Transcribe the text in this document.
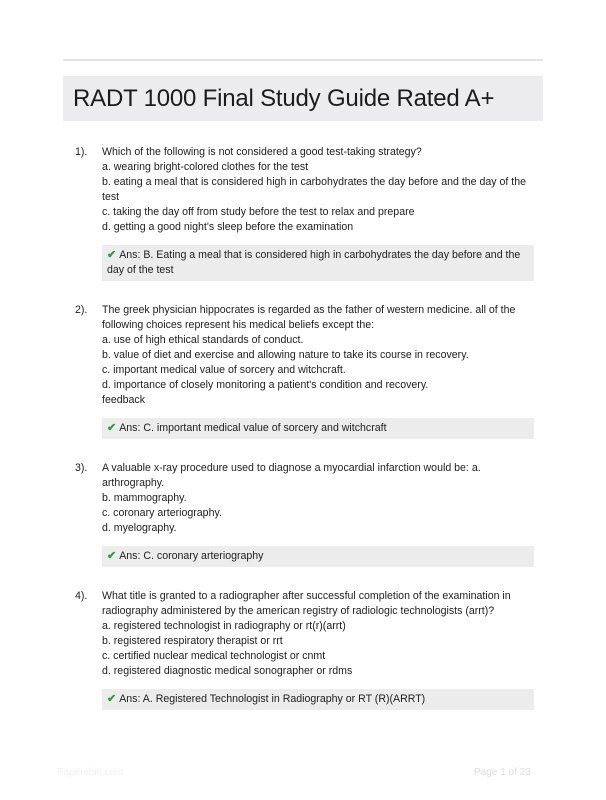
RADT 1000 Final Study Guide Rated A+
1). Which of the following is not considered a good test-taking strategy?
a. wearing bright-colored clothes for the test
b. eating a meal that is considered high in carbohydrates the day before and the day of the test
c. taking the day off from study before the test to relax and prepare
d. getting a good night's sleep before the examination
✔ Ans: B. Eating a meal that is considered high in carbohydrates the day before and the day of the test
2). The greek physician hippocrates is regarded as the father of western medicine. all of the following choices represent his medical beliefs except the:
a. use of high ethical standards of conduct.
b. value of diet and exercise and allowing nature to take its course in recovery.
c. important medical value of sorcery and witchcraft.
d. importance of closely monitoring a patient's condition and recovery.
feedback
✔ Ans: C. important medical value of sorcery and witchcraft
3). A valuable x-ray procedure used to diagnose a myocardial infarction would be: a. arthrography.
b. mammography.
c. coronary arteriography.
d. myelography.
✔ Ans: C. coronary arteriography
4). What title is granted to a radiographer after successful completion of the examination in radiography administered by the american registry of radiologic technologists (arrt)?
a. registered technologist in radiography or rt(r)(arrt)
b. registered respiratory therapist or rrt
c. certified nuclear medical technologist or cnmt
d. registered diagnostic medical sonographer or rdms
✔ Ans: A. Registered Technologist in Radiography or RT (R)(ARRT)
Papersbic.com	Page 1 of 23
